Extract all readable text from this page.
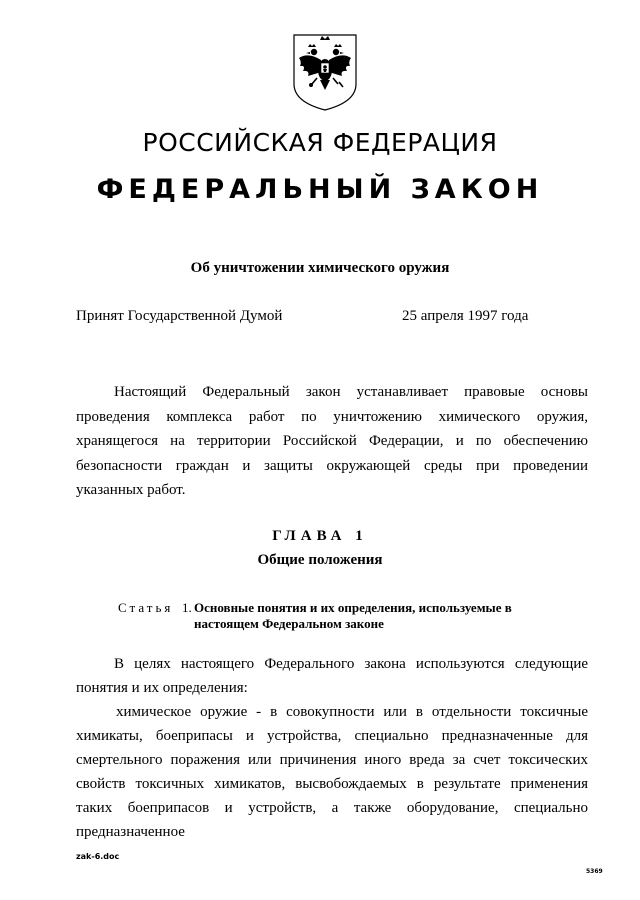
РОССИЙСКАЯ ФЕДЕРАЦИЯ
ФЕДЕРАЛЬНЫЙ ЗАКОН
Об уничтожении химического оружия
Принят Государственной Думой	25 апреля 1997 года

Настоящий Федеральный закон устанавливает правовые основы проведения комплекса работ по уничтожению химического оружия, хранящегося на территории Российской Федерации, и по обеспечению безопасности граждан и защиты окружающей среды при проведении указанных работ.

ГЛАВА 1
Общие положения
Статья 1. Основные понятия и их определения, используемые в настоящем Федеральном законе

В целях настоящего Федерального закона используются следующие понятия и их определения:

химическое оружие - в совокупности или в отдельности токсичные химикаты, боеприпасы и устройства, специально предназначенные для смертельного поражения или причинения иного вреда за счет токсических свойств токсичных химикатов, высвобождаемых в результате применения таких боеприпасов и устройств, а также оборудование, специально предназначенное

zak-6.doc
5369
